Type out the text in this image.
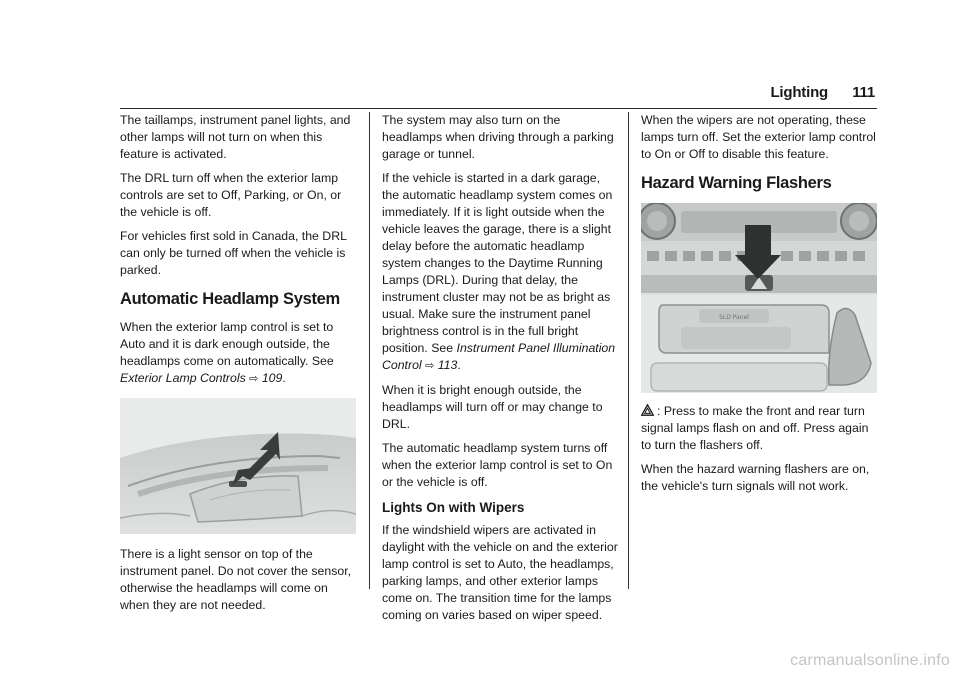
Lighting 111

The taillamps, instrument panel lights, and other lamps will not turn on when this feature is activated.

The DRL turn off when the exterior lamp controls are set to Off, Parking, or On, or the vehicle is off.

For vehicles first sold in Canada, the DRL can only be turned off when the vehicle is parked.

Automatic Headlamp System

When the exterior lamp control is set to Auto and it is dark enough outside, the headlamps come on automatically. See Exterior Lamp Controls ⇨ 109.

There is a light sensor on top of the instrument panel. Do not cover the sensor, otherwise the headlamps will come on when they are not needed.

The system may also turn on the headlamps when driving through a parking garage or tunnel.

If the vehicle is started in a dark garage, the automatic headlamp system comes on immediately. If it is light outside when the vehicle leaves the garage, there is a slight delay before the automatic headlamp system changes to the Daytime Running Lamps (DRL). During that delay, the instrument cluster may not be as bright as usual. Make sure the instrument panel brightness control is in the full bright position. See Instrument Panel Illumination Control ⇨ 113.

When it is bright enough outside, the headlamps will turn off or may change to DRL.

The automatic headlamp system turns off when the exterior lamp control is set to On or the vehicle is off.

Lights On with Wipers

If the windshield wipers are activated in daylight with the vehicle on and the exterior lamp control is set to Auto, the headlamps, parking lamps, and other exterior lamps come on. The transition time for the lamps coming on varies based on wiper speed.

When the wipers are not operating, these lamps turn off. Set the exterior lamp control to On or Off to disable this feature.

Hazard Warning Flashers
SLD Panel

: Press to make the front and rear turn signal lamps flash on and off. Press again to turn the flashers off.

When the hazard warning flashers are on, the vehicle's turn signals will not work.

carmanualsonline.info
